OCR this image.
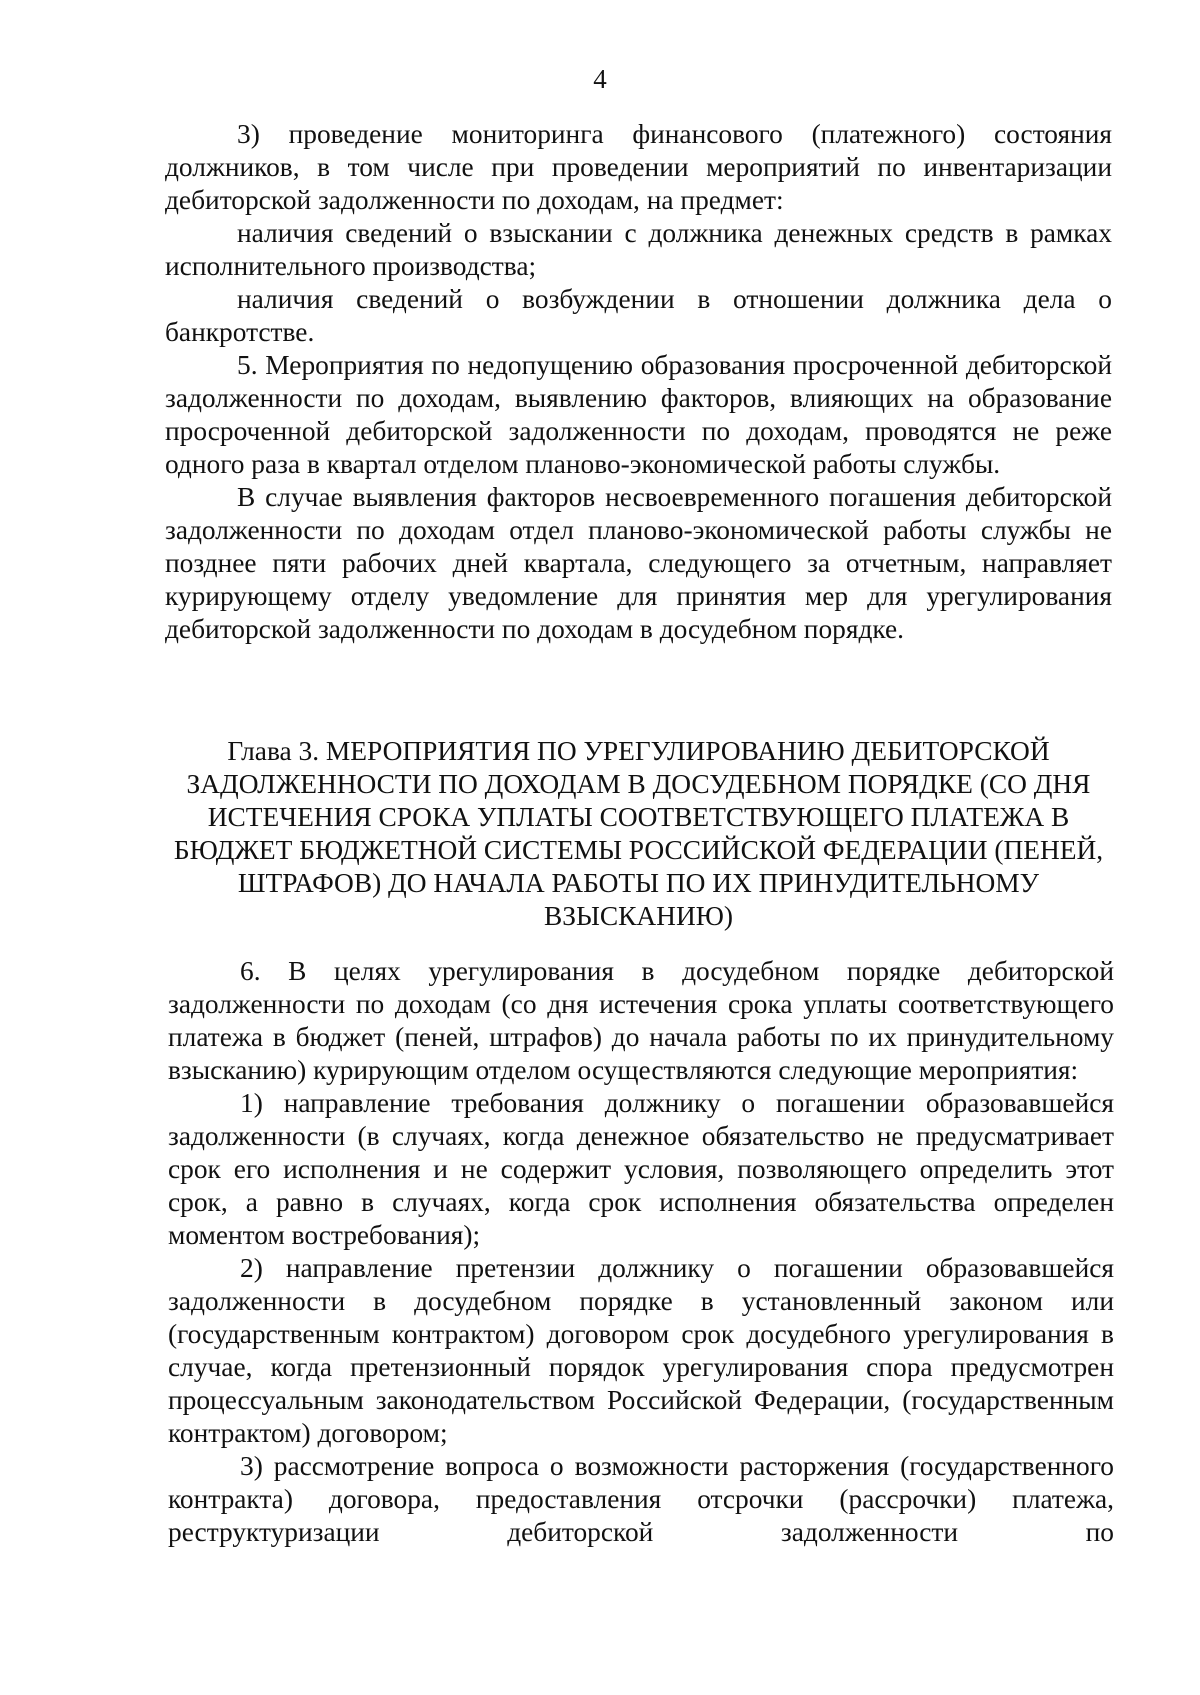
4

3) проведение мониторинга финансового (платежного) состояния должников, в том числе при проведении мероприятий по инвентаризации дебиторской задолженности по доходам, на предмет:

наличия сведений о взыскании с должника денежных средств в рамках исполнительного производства;

наличия сведений о возбуждении в отношении должника дела о банкротстве.

5. Мероприятия по недопущению образования просроченной дебиторской задолженности по доходам, выявлению факторов, влияющих на образование просроченной дебиторской задолженности по доходам, проводятся не реже одного раза в квартал отделом планово-экономической работы службы.

В случае выявления факторов несвоевременного погашения дебиторской задолженности по доходам отдел планово-экономической работы службы не позднее пяти рабочих дней квартала, следующего за отчетным, направляет курирующему отделу уведомление для принятия мер для урегулирования дебиторской задолженности по доходам в досудебном порядке.

Глава 3. МЕРОПРИЯТИЯ ПО УРЕГУЛИРОВАНИЮ ДЕБИТОРСКОЙ ЗАДОЛЖЕННОСТИ ПО ДОХОДАМ В ДОСУДЕБНОМ ПОРЯДКЕ (СО ДНЯ ИСТЕЧЕНИЯ СРОКА УПЛАТЫ СООТВЕТСТВУЮЩЕГО ПЛАТЕЖА В БЮДЖЕТ БЮДЖЕТНОЙ СИСТЕМЫ РОССИЙСКОЙ ФЕДЕРАЦИИ (ПЕНЕЙ, ШТРАФОВ) ДО НАЧАЛА РАБОТЫ ПО ИХ ПРИНУДИТЕЛЬНОМУ ВЗЫСКАНИЮ)

6. В целях урегулирования в досудебном порядке дебиторской задолженности по доходам (со дня истечения срока уплаты соответствующего платежа в бюджет (пеней, штрафов) до начала работы по их принудительному взысканию) курирующим отделом осуществляются следующие мероприятия:

1) направление требования должнику о погашении образовавшейся задолженности (в случаях, когда денежное обязательство не предусматривает срок его исполнения и не содержит условия, позволяющего определить этот срок, а равно в случаях, когда срок исполнения обязательства определен моментом востребования);

2) направление претензии должнику о погашении образовавшейся задолженности в досудебном порядке в установленный законом или (государственным контрактом) договором срок досудебного урегулирования в случае, когда претензионный порядок урегулирования спора предусмотрен процессуальным законодательством Российской Федерации, (государственным контрактом) договором;

3) рассмотрение вопроса о возможности расторжения (государственного контракта) договора, предоставления отсрочки (рассрочки) платежа, реструктуризации дебиторской задолженности по
